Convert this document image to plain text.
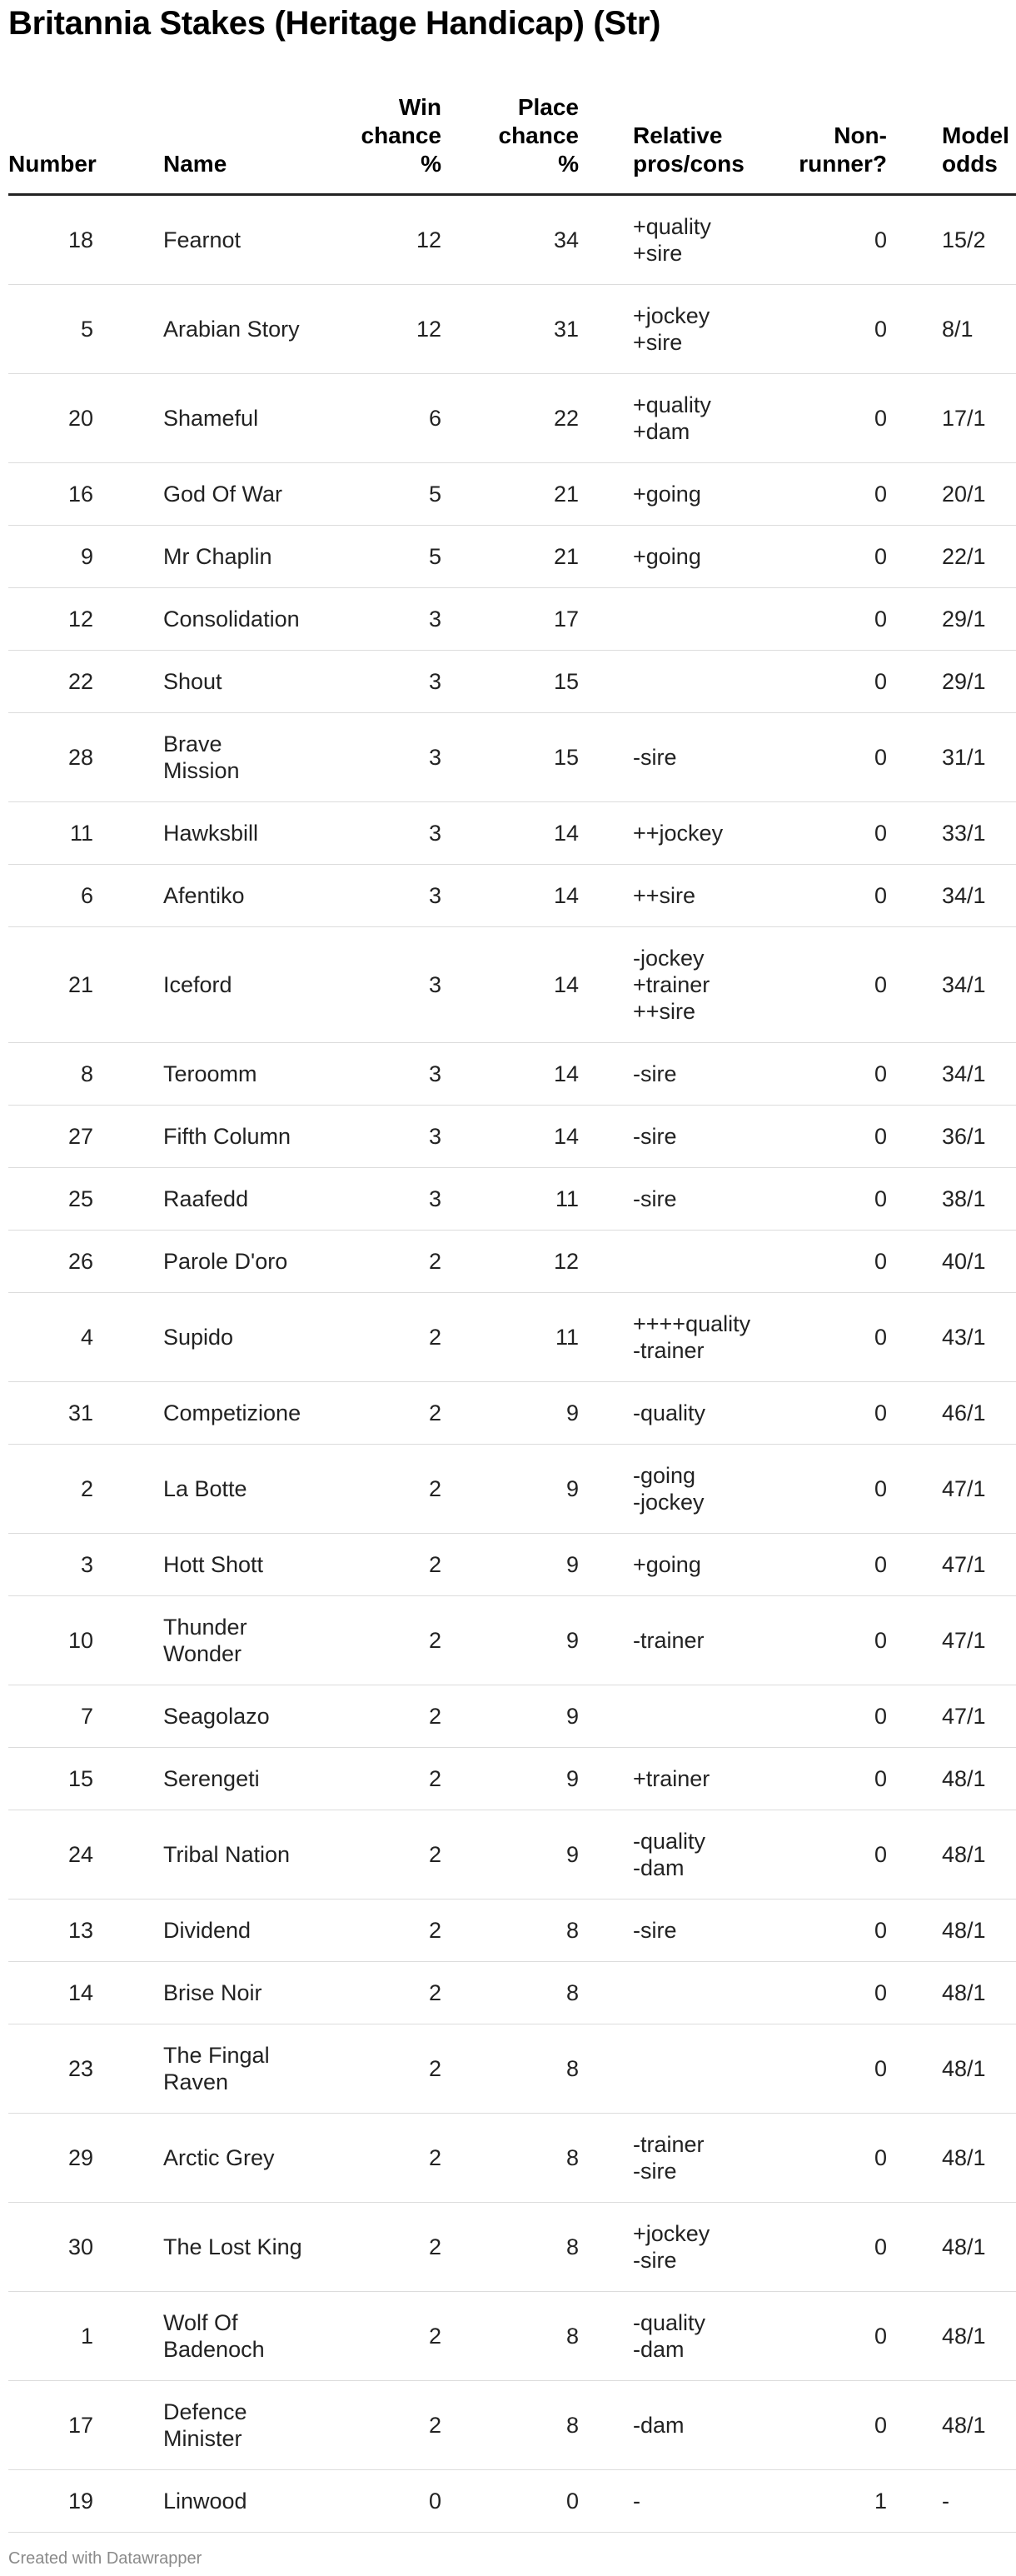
Britannia Stakes (Heritage Handicap) (Str)
Number	Name	Win
chance
%	Place
chance
%	Relative
pros/cons	Non-
runner?	Model
odds
18	Fearnot	12	34	+quality
+sire	0	15/2
5	Arabian Story	12	31	+jockey
+sire	0	8/1
20	Shameful	6	22	+quality
+dam	0	17/1
16	God Of War	5	21	+going	0	20/1
9	Mr Chaplin	5	21	+going	0	22/1
12	Consolidation	3	17		0	29/1
22	Shout	3	15		0	29/1
28	Brave
Mission	3	15	-sire	0	31/1
11	Hawksbill	3	14	++jockey	0	33/1
6	Afentiko	3	14	++sire	0	34/1
21	Iceford	3	14	-jockey
+trainer
++sire	0	34/1
8	Teroomm	3	14	-sire	0	34/1
27	Fifth Column	3	14	-sire	0	36/1
25	Raafedd	3	11	-sire	0	38/1
26	Parole D'oro	2	12		0	40/1
4	Supido	2	11	++++quality
-trainer	0	43/1
31	Competizione	2	9	-quality	0	46/1
2	La Botte	2	9	-going
-jockey	0	47/1
3	Hott Shott	2	9	+going	0	47/1
10	Thunder
Wonder	2	9	-trainer	0	47/1
7	Seagolazo	2	9		0	47/1
15	Serengeti	2	9	+trainer	0	48/1
24	Tribal Nation	2	9	-quality
-dam	0	48/1
13	Dividend	2	8	-sire	0	48/1
14	Brise Noir	2	8		0	48/1
23	The Fingal
Raven	2	8		0	48/1
29	Arctic Grey	2	8	-trainer
-sire	0	48/1
30	The Lost King	2	8	+jockey
-sire	0	48/1
1	Wolf Of
Badenoch	2	8	-quality
-dam	0	48/1
17	Defence
Minister	2	8	-dam	0	48/1
19	Linwood	0	0	-	1	-
Created with Datawrapper
